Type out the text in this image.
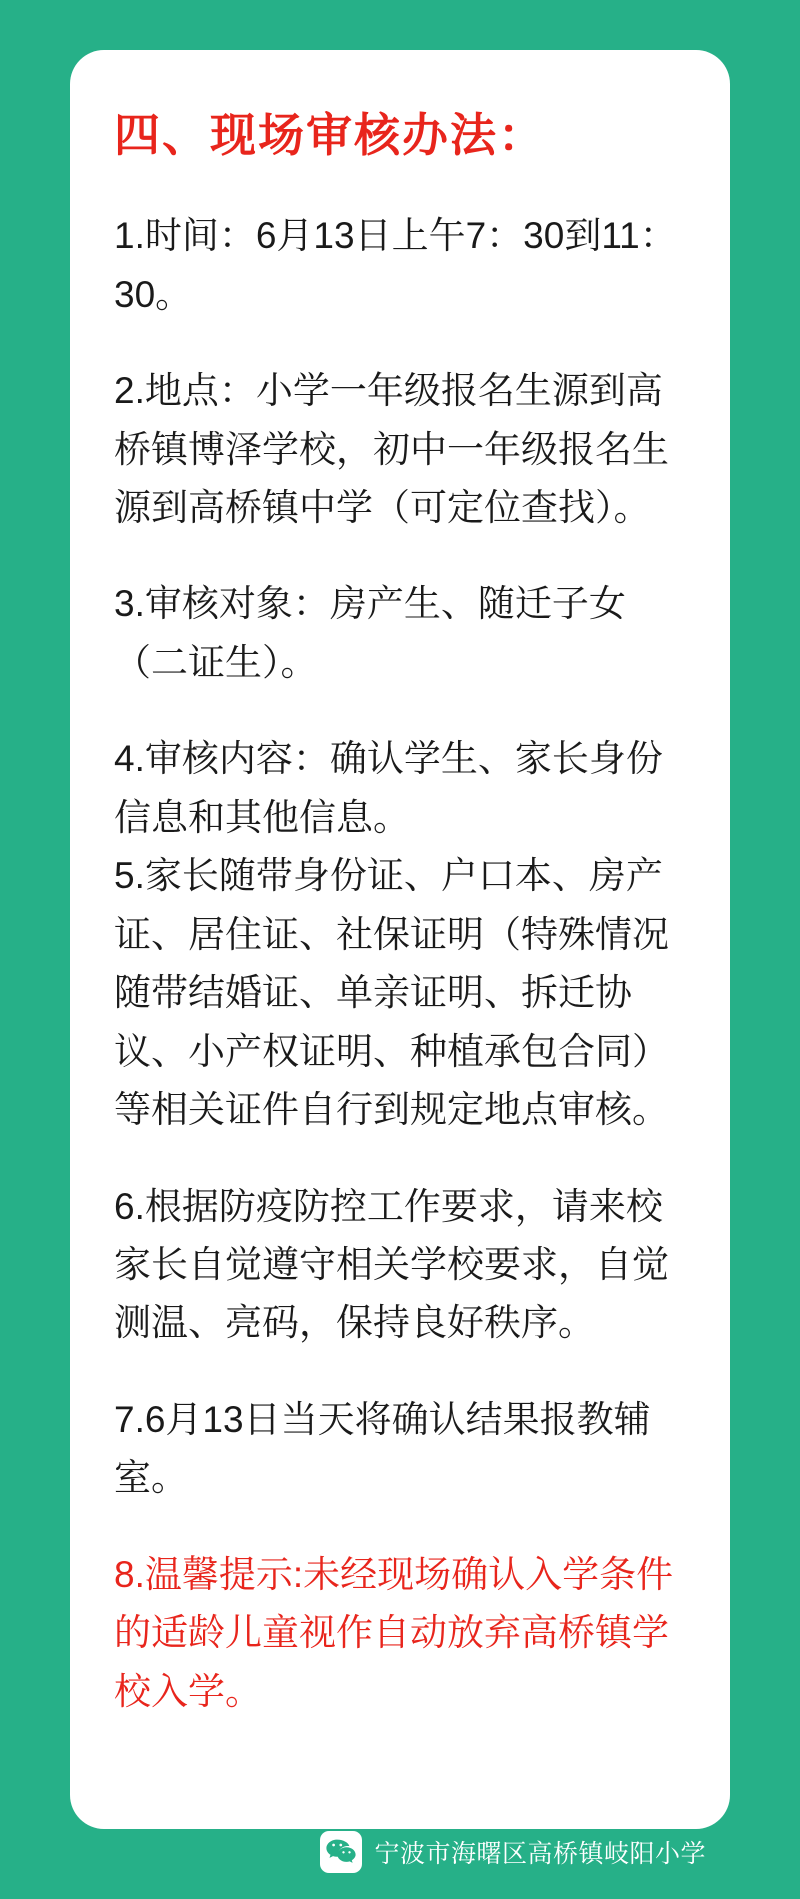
四、现场审核办法：

1.时间：6月13日上午7：30到11：30。

2.地点：小学一年级报名生源到高桥镇博泽学校，初中一年级报名生源到高桥镇中学（可定位查找）。

3.审核对象：房产生、随迁子女（二证生）。

4.审核内容：确认学生、家长身份信息和其他信息。

5.家长随带身份证、户口本、房产证、居住证、社保证明（特殊情况随带结婚证、单亲证明、拆迁协议、小产权证明、种植承包合同）等相关证件自行到规定地点审核。

6.根据防疫防控工作要求，请来校家长自觉遵守相关学校要求，自觉测温、亮码，保持良好秩序。

7.6月13日当天将确认结果报教辅室。

8.温馨提示:未经现场确认入学条件的适龄儿童视作自动放弃高桥镇学校入学。

宁波市海曙区高桥镇岐阳小学
